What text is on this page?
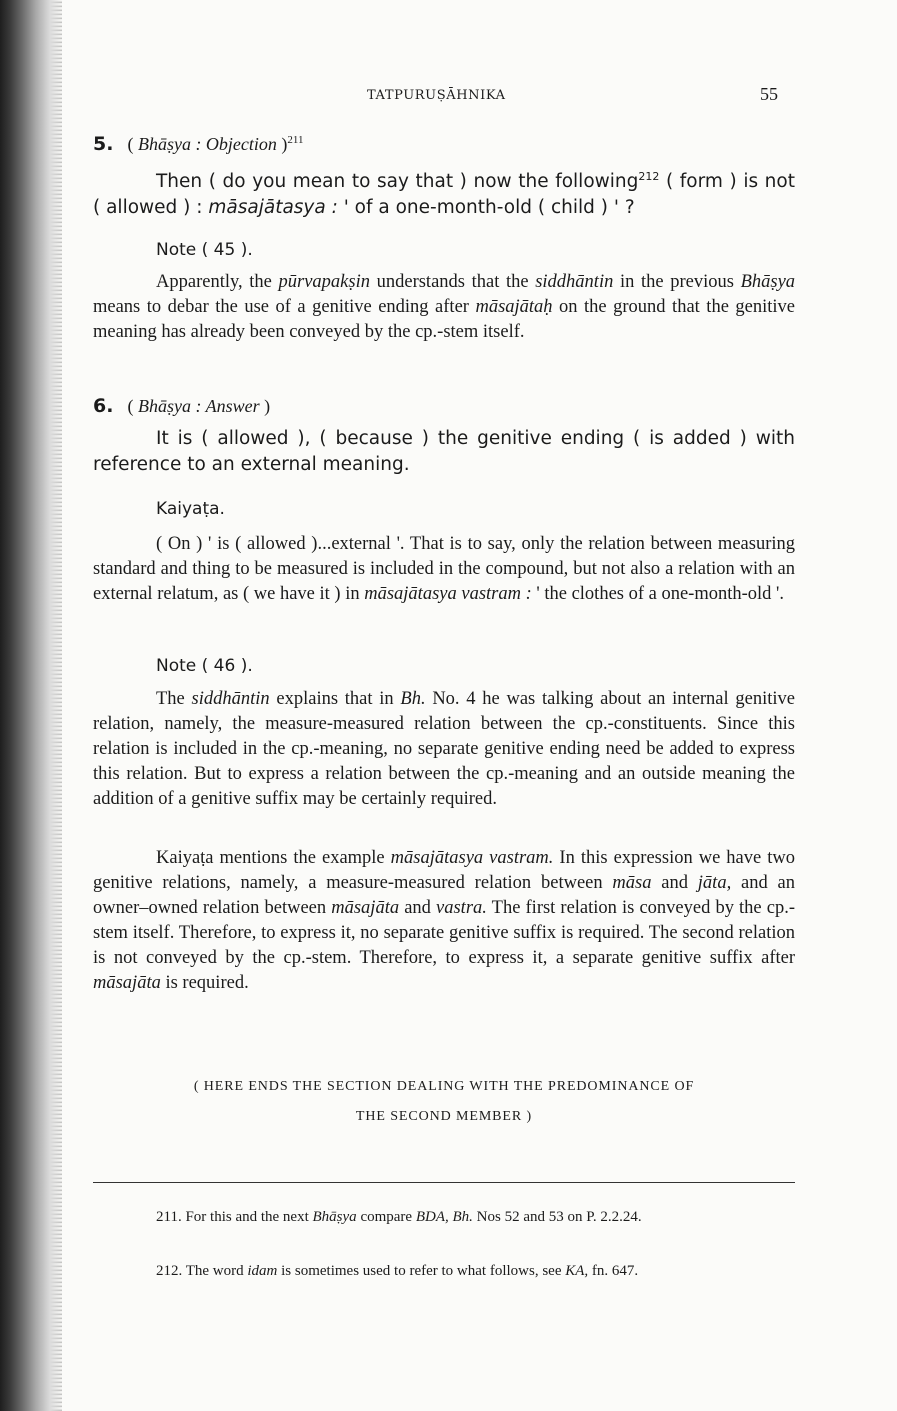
TATPURUṢĀHNIKA	55
5. ( Bhāṣya : Objection )$^{211}$
Then ( do you mean to say that ) now the following$^{212}$ ( form ) is not ( allowed ) : māsajātasya : ' of a one-month-old ( child ) ' ?
Note ( 45 ).
Apparently, the pūrvapakṣin understands that the siddhāntin in the previous Bhāṣya means to debar the use of a genitive ending after māsajātaḥ on the ground that the genitive meaning has already been conveyed by the cp.-stem itself.
6. ( Bhāṣya : Answer )
It is ( allowed ), ( because ) the genitive ending ( is added ) with reference to an external meaning.
Kaiyaṭa.
( On ) ' is ( allowed )...external '. That is to say, only the relation between measuring standard and thing to be measured is included in the compound, but not also a relation with an external relatum, as ( we have it ) in māsajātasya vastram : ' the clothes of a one-month-old '.
Note ( 46 ).
The siddhāntin explains that in Bh. No. 4 he was talking about an internal genitive relation, namely, the measure-measured relation between the cp.-constituents. Since this relation is included in the cp.-meaning, no separate genitive ending need be added to express this relation. But to express a relation between the cp.-meaning and an outside meaning the addition of a genitive suffix may be certainly required.
Kaiyaṭa mentions the example māsajātasya vastram. In this expression we have two genitive relations, namely, a measure-measured relation between māsa and jāta, and an owner–owned relation between māsajāta and vastra. The first relation is conveyed by the cp.-stem itself. Therefore, to express it, no separate genitive suffix is required. The second relation is not conveyed by the cp.-stem. Therefore, to express it, a separate genitive suffix after māsajāta is required.
( HERE ENDS THE SECTION DEALING WITH THE PREDOMINANCE OF
THE SECOND MEMBER )
211. For this and the next Bhāṣya compare BDA, Bh. Nos 52 and 53 on P. 2.2.24.
212. The word idam is sometimes used to refer to what follows, see KA, fn. 647.
